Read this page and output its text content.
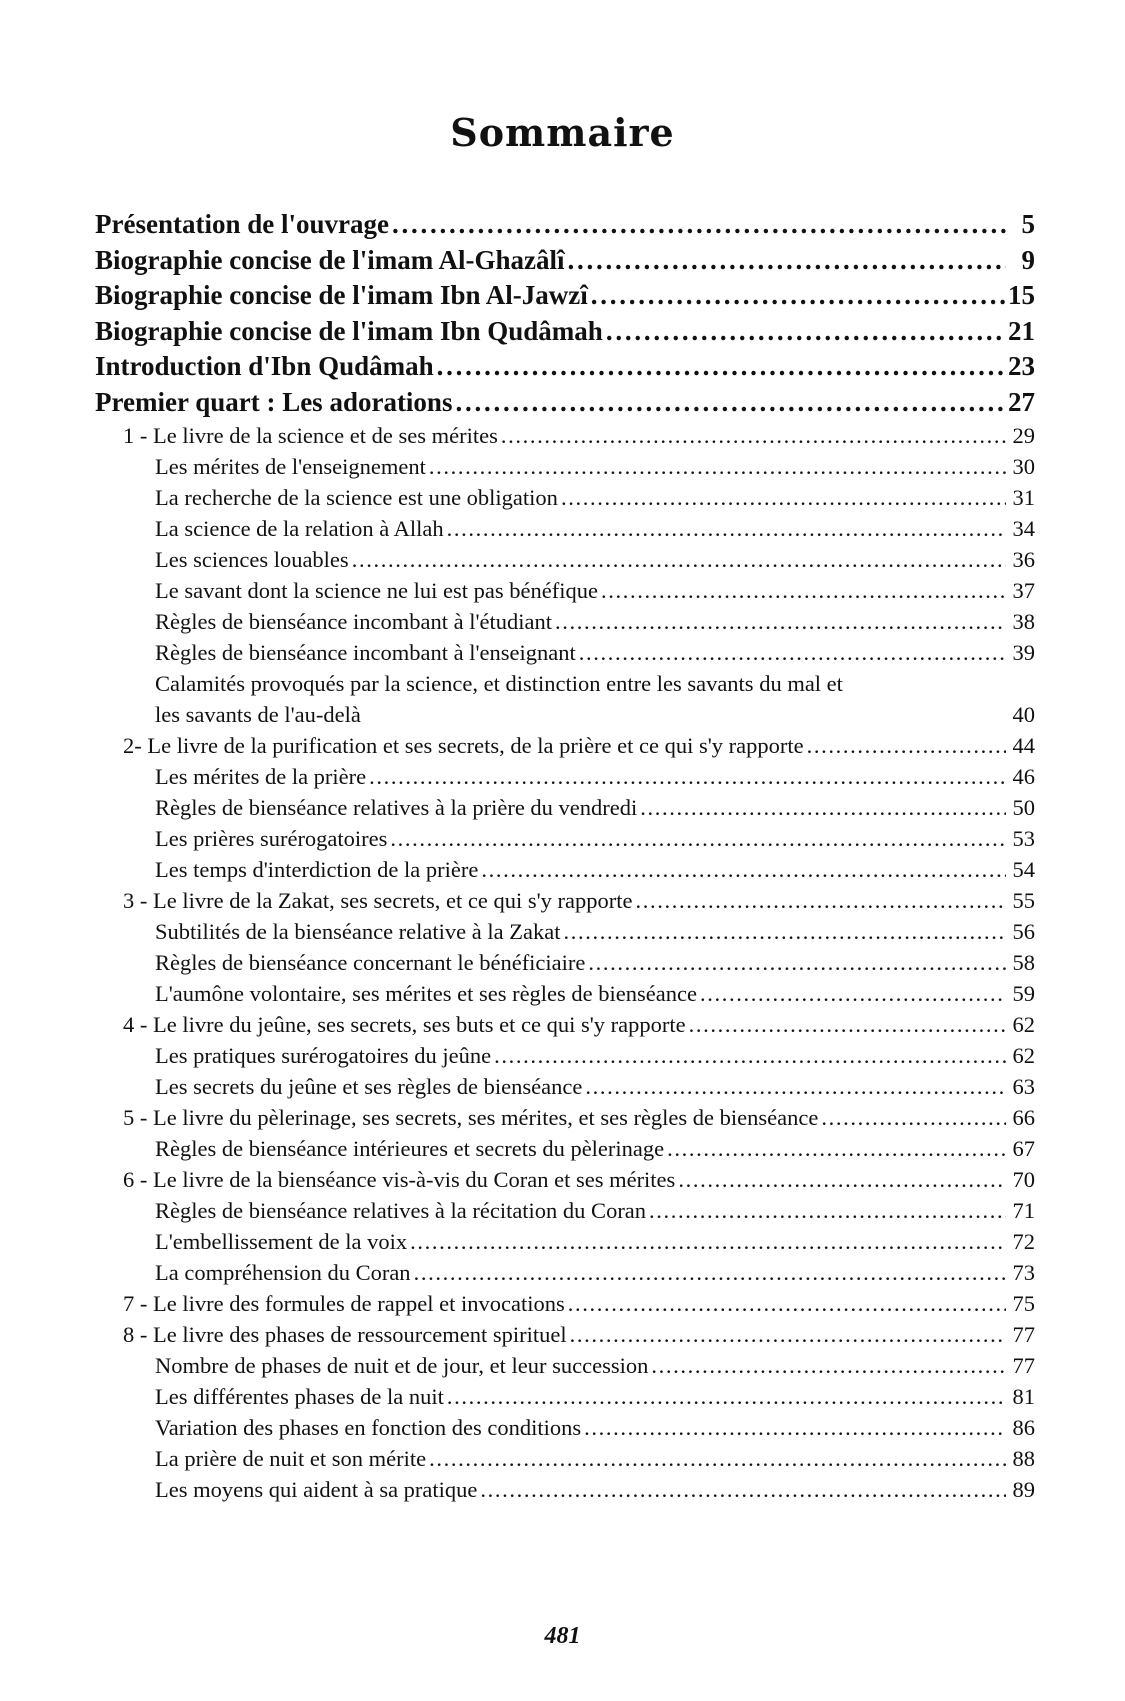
Sommaire
Présentation de l'ouvrage . . .	5
Biographie concise de l'imam Al-Ghazâlî . . .	9
Biographie concise de l'imam Ibn Al-Jawzî . . .	15
Biographie concise de l'imam Ibn Qudâmah . . .	21
Introduction d'Ibn Qudâmah . . .	23
Premier quart : Les adorations . . .	27
1 - Le livre de la science et de ses mérites . . .	29
Les mérites de l'enseignement . . .	30
La recherche de la science est une obligation . . .	31
La science de la relation à Allah . . .	34
Les sciences louables . . .	36
Le savant dont la science ne lui est pas bénéfique . . .	37
Règles de bienséance incombant à l'étudiant . . .	38
Règles de bienséance incombant à l'enseignant . . .	39
Calamités provoqués par la science, et distinction entre les savants du mal et
les savants de l'au-delà	40
2- Le livre de la purification et ses secrets, de la prière et ce qui s'y rapporte . . .	44
Les mérites de la prière . . .	46
Règles de bienséance relatives à la prière du vendredi . . .	50
Les prières surérogatoires . . .	53
Les temps d'interdiction de la prière . . .	54
3 - Le livre de la Zakat, ses secrets, et ce qui s'y rapporte . . .	55
Subtilités de la bienséance relative à la Zakat . . .	56
Règles de bienséance concernant le bénéficiaire . . .	58
L'aumône volontaire, ses mérites et ses règles de bienséance . . .	59
4 - Le livre du jeûne, ses secrets, ses buts et ce qui s'y rapporte . . .	62
Les pratiques surérogatoires du jeûne . . .	62
Les secrets du jeûne et ses règles de bienséance . . .	63
5 - Le livre du pèlerinage, ses secrets, ses mérites, et ses règles de bienséance . . .	66
Règles de bienséance intérieures et secrets du pèlerinage . . .	67
6 - Le livre de la bienséance vis-à-vis du Coran et ses mérites . . .	70
Règles de bienséance relatives à la récitation du Coran . . .	71
L'embellissement de la voix . . .	72
La compréhension du Coran . . .	73
7 - Le livre des formules de rappel et invocations . . .	75
8 - Le livre des phases de ressourcement spirituel . . .	77
Nombre de phases de nuit et de jour, et leur succession . . .	77
Les différentes phases de la nuit . . .	81
Variation des phases en fonction des conditions . . .	86
La prière de nuit et son mérite . . .	88
Les moyens qui aident à sa pratique . . .	89
481
